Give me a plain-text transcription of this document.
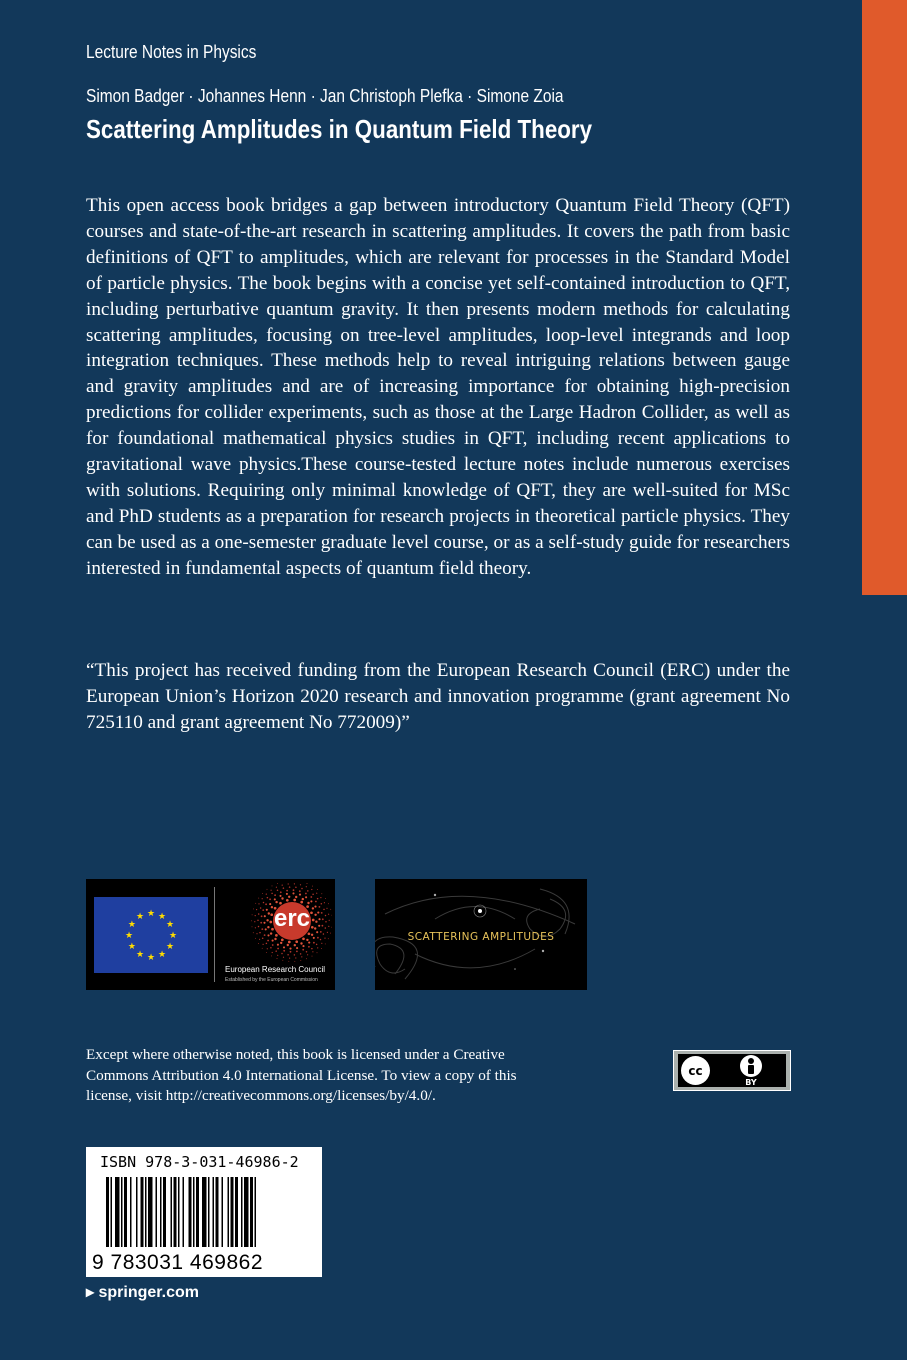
Lecture Notes in Physics
Simon Badger · Johannes Henn · Jan Christoph Plefka · Simone Zoia
Scattering Amplitudes in Quantum Field Theory

This open access book bridges a gap between introductory Quantum Field Theory (QFT) courses and state-of-the-art research in scattering amplitudes. It covers the path from basic definitions of QFT to amplitudes, which are relevant for processes in the Standard Model of particle physics. The book begins with a concise yet self-contained introduction to QFT, including perturbative quantum gravity. It then presents modern methods for calculating scattering amplitudes, focusing on tree-level amplitudes, loop-level integrands and loop integration techniques. These methods help to reveal intriguing relations between gauge and gravity amplitudes and are of increasing importance for obtaining high-precision predictions for collider experiments, such as those at the Large Hadron Collider, as well as for foundational mathematical physics studies in QFT, including recent applications to gravitational wave physics.These course-tested lecture notes include numerous exercises with solutions. Requiring only minimal knowledge of QFT, they are well-suited for MSc and PhD students as a preparation for research projects in theoretical particle physics. They can be used as a one-semester graduate level course, or as a self-study guide for researchers interested in fundamental aspects of quantum field theory.

“This project has received funding from the European Research Council (ERC) under the European Union’s Horizon 2020 research and innovation programme (grant agreement No 725110 and grant agreement No 772009)”

★ ★
★
★
★
★
★
★
★
★
★
★	erc
European Research Council
Established by the European Commission
SCATTERING AMPLITUDES
Except where otherwise noted, this book is licensed under a Creative Commons Attribution 4.0 International License. To view a copy of this license, visit http://creativecommons.org/licenses/by/4.0/.
cc
BY
ISBN 978-3-031-46986-2
9 783031 469862
▸ springer.com
